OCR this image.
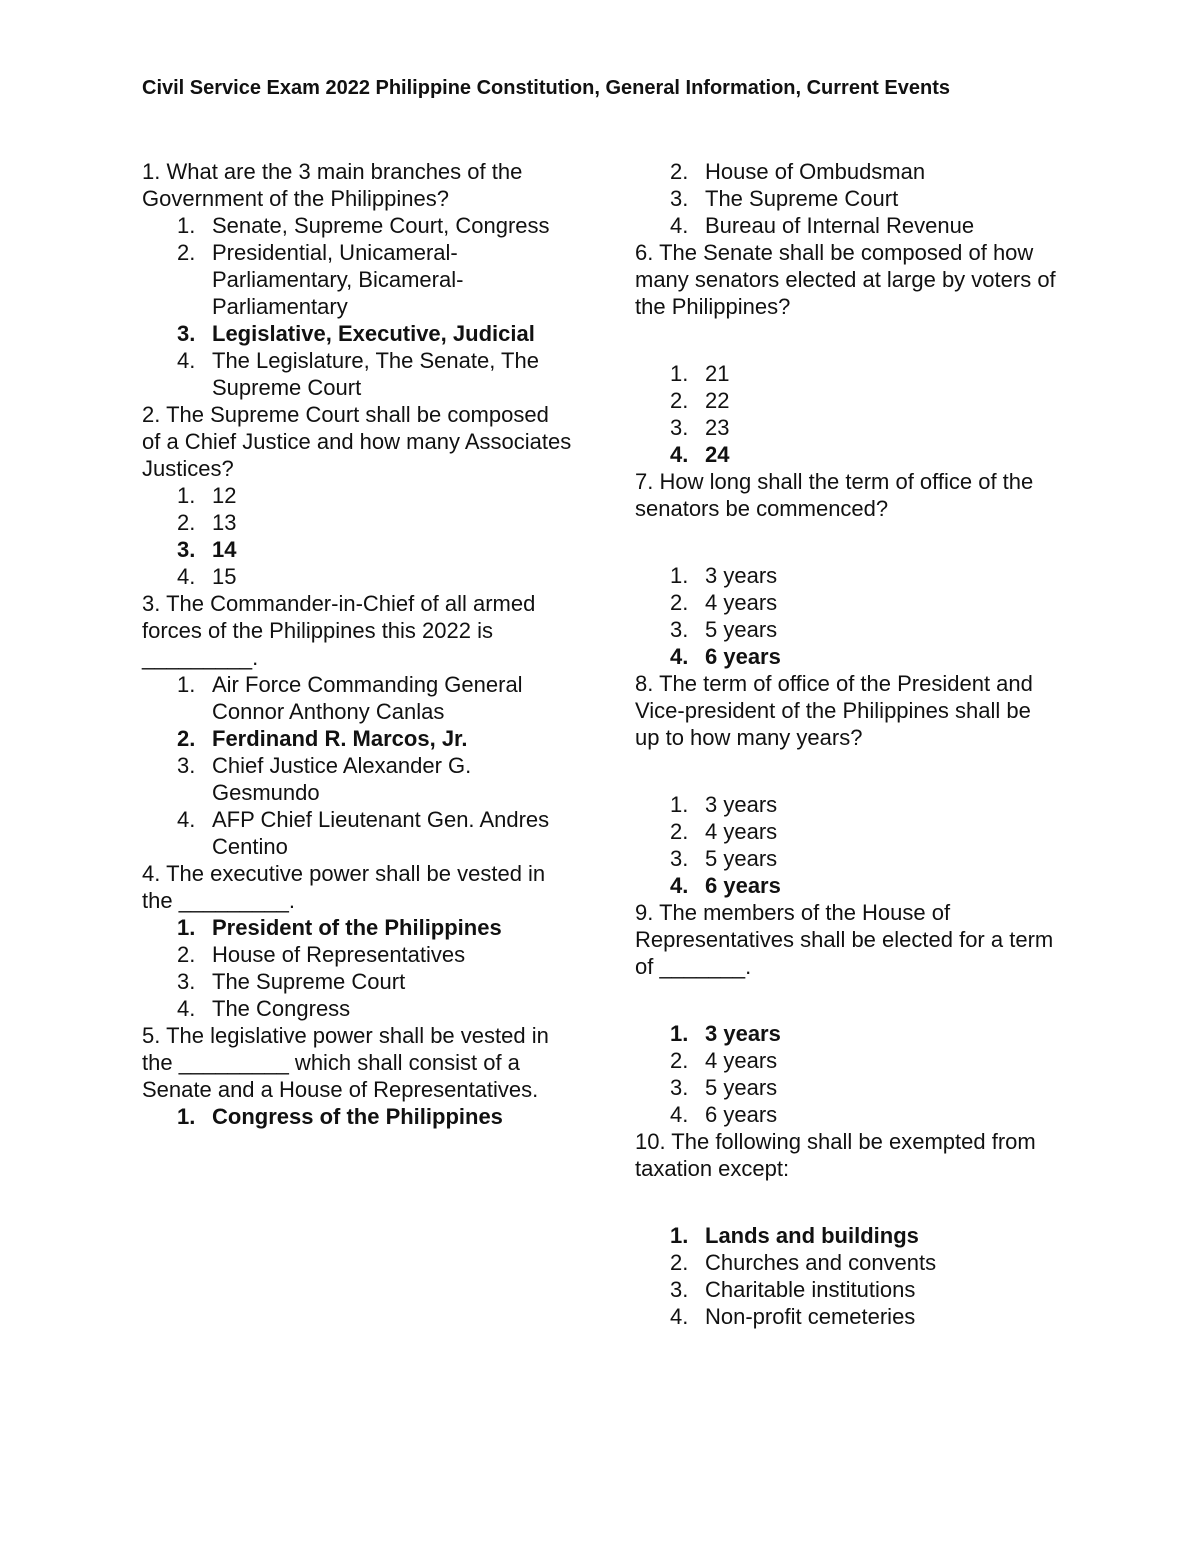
Civil Service Exam 2022 Philippine Constitution, General Information, Current Events

1. What are the 3 main branches of the Government of the Philippines?

1. Senate, Supreme Court, Congress
2. Presidential, Unicameral-Parliamentary, Bicameral-Parliamentary
3. Legislative, Executive, Judicial
4. The Legislature, The Senate, The Supreme Court

2. The Supreme Court shall be composed of a Chief Justice and how many Associates Justices?

1. 12
2. 13
3. 14
4. 15

3. The Commander-in-Chief of all armed forces of the Philippines this 2022 is _________.

1. Air Force Commanding General Connor Anthony Canlas
2. Ferdinand R. Marcos, Jr.
3. Chief Justice Alexander G. Gesmundo
4. AFP Chief Lieutenant Gen. Andres Centino

4. The executive power shall be vested in the _________.

1. President of the Philippines
2. House of Representatives
3. The Supreme Court
4. The Congress

5. The legislative power shall be vested in the _________ which shall consist of a Senate and a House of Representatives.

1. Congress of the Philippines
2. House of Ombudsman
3. The Supreme Court
4. Bureau of Internal Revenue

6. The Senate shall be composed of how many senators elected at large by voters of the Philippines?

1. 21
2. 22
3. 23
4. 24

7. How long shall the term of office of the senators be commenced?

1. 3 years
2. 4 years
3. 5 years
4. 6 years

8. The term of office of the President and Vice-president of the Philippines shall be up to how many years?

1. 3 years
2. 4 years
3. 5 years
4. 6 years

9. The members of the House of Representatives shall be elected for a term of _______.

1. 3 years
2. 4 years
3. 5 years
4. 6 years

10. The following shall be exempted from taxation except:

1. Lands and buildings
2. Churches and convents
3. Charitable institutions
4. Non-profit cemeteries
